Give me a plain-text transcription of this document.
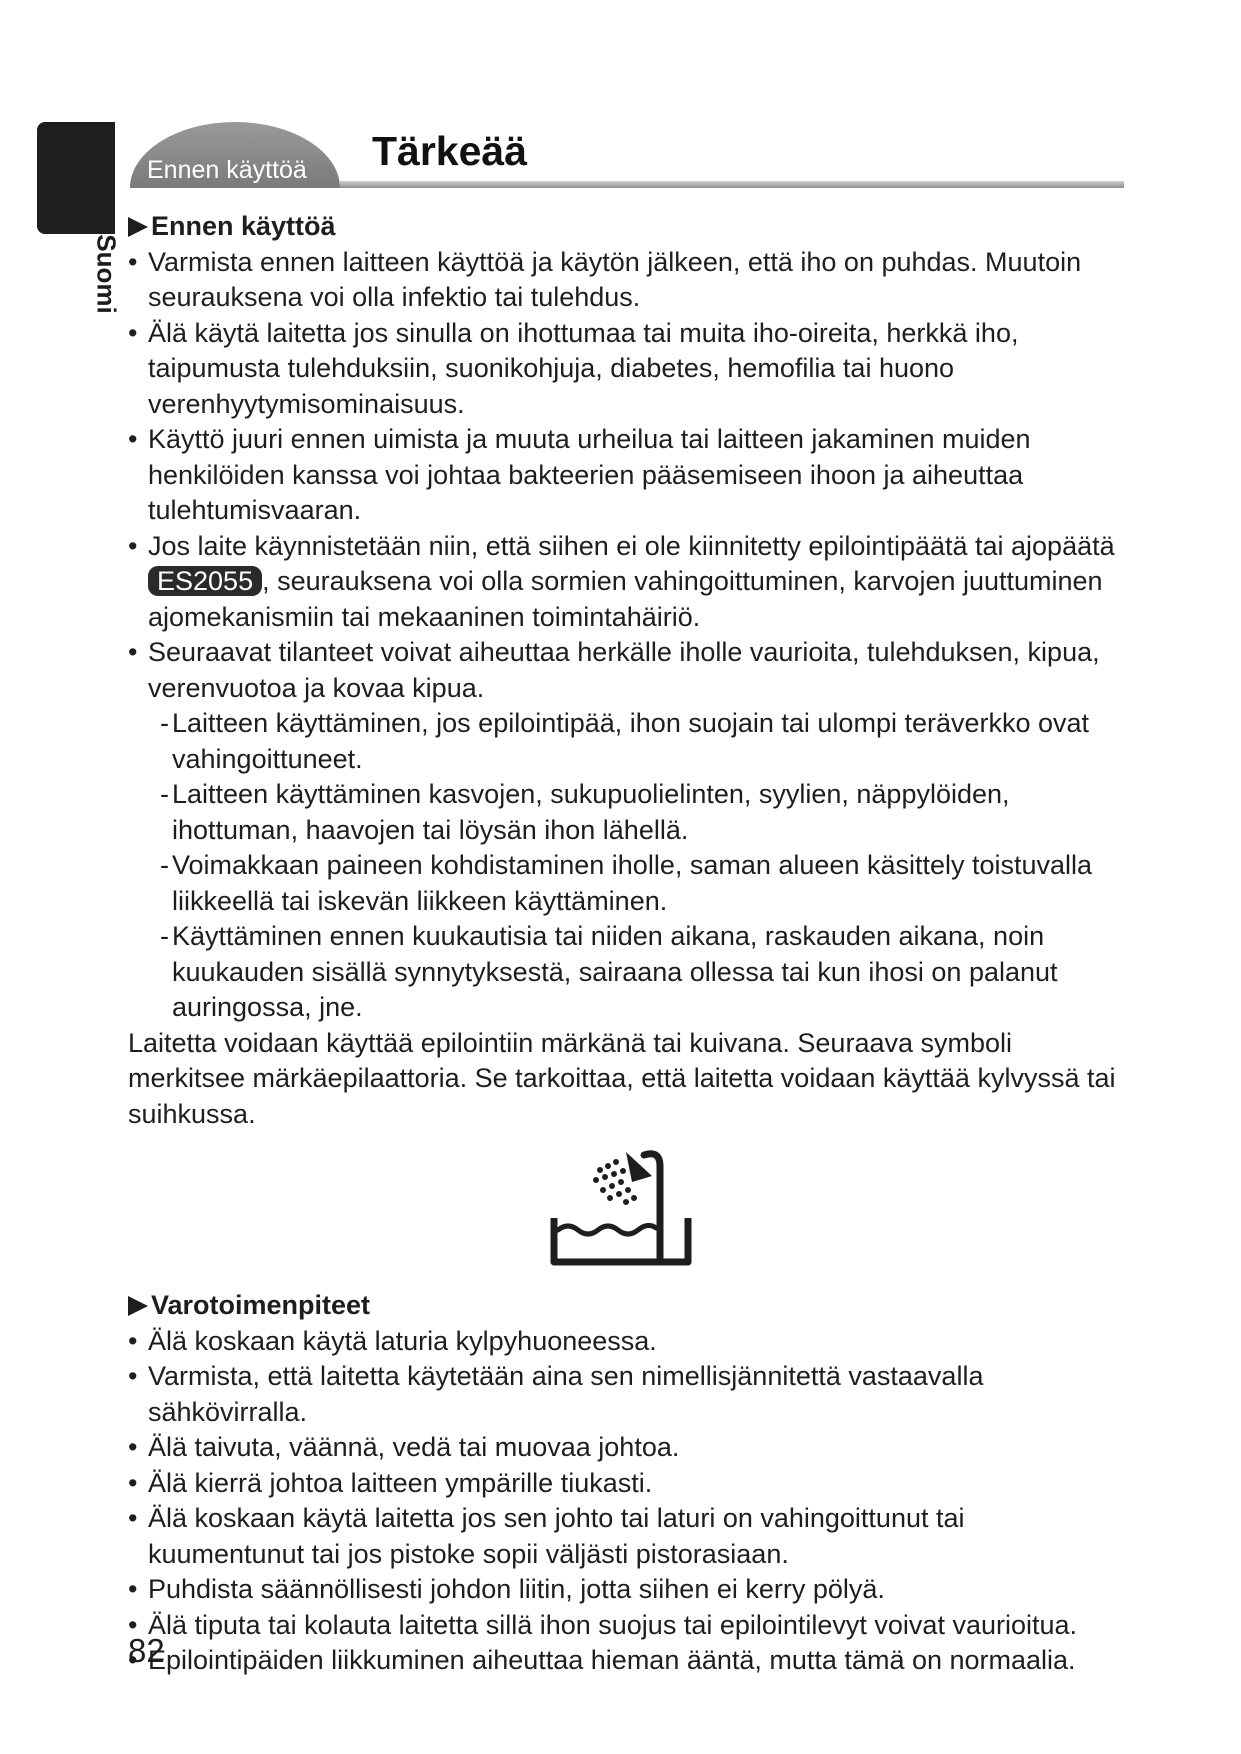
Suomi
Ennen käyttöä Tärkeää
Ennen käyttöä
• Varmista ennen laitteen käyttöä ja käytön jälkeen, että iho on puhdas. Muutoin seurauksena voi olla infektio tai tulehdus.
• Älä käytä laitetta jos sinulla on ihottumaa tai muita iho-oireita, herkkä iho, taipumusta tulehduksiin, suonikohjuja, diabetes, hemofilia tai huono verenhyytymisominaisuus.
• Käyttö juuri ennen uimista ja muuta urheilua tai laitteen jakaminen muiden henkilöiden kanssa voi johtaa bakteerien pääsemiseen ihoon ja aiheuttaa tulehtumisvaaran.
• Jos laite käynnistetään niin, että siihen ei ole kiinnitetty epilointipäätä tai ajopäätä ES2055 , seurauksena voi olla sormien vahingoittuminen, karvojen juuttuminen ajomekanismiin tai mekaaninen toimintahäiriö.
• Seuraavat tilanteet voivat aiheuttaa herkälle iholle vaurioita, tulehduksen, kipua, verenvuotoa ja kovaa kipua.
- Laitteen käyttäminen, jos epilointipää, ihon suojain tai ulompi teräverkko ovat vahingoittuneet.
- Laitteen käyttäminen kasvojen, sukupuolielinten, syylien, näppylöiden, ihottuman, haavojen tai löysän ihon lähellä.
- Voimakkaan paineen kohdistaminen iholle, saman alueen käsittely toistuvalla liikkeellä tai iskevän liikkeen käyttäminen.
- Käyttäminen ennen kuukautisia tai niiden aikana, raskauden aikana, noin kuukauden sisällä synnytyksestä, sairaana ollessa tai kun ihosi on palanut auringossa, jne.

Laitetta voidaan käyttää epilointiin märkänä tai kuivana. Seuraava symboli merkitsee märkäepilaattoria. Se tarkoittaa, että laitetta voidaan käyttää kylvyssä tai suihkussa.

Varotoimenpiteet
• Älä koskaan käytä laturia kylpyhuoneessa.
• Varmista, että laitetta käytetään aina sen nimellisjännitettä vastaavalla sähkövirralla.
• Älä taivuta, väännä, vedä tai muovaa johtoa.
• Älä kierrä johtoa laitteen ympärille tiukasti.
• Älä koskaan käytä laitetta jos sen johto tai laturi on vahingoittunut tai kuumentunut tai jos pistoke sopii väljästi pistorasiaan.
• Puhdista säännöllisesti johdon liitin, jotta siihen ei kerry pölyä.
• Älä tiputa tai kolauta laitetta sillä ihon suojus tai epilointilevyt voivat vaurioitua.
• Epilointipäiden liikkuminen aiheuttaa hieman ääntä, mutta tämä on normaalia.
82
